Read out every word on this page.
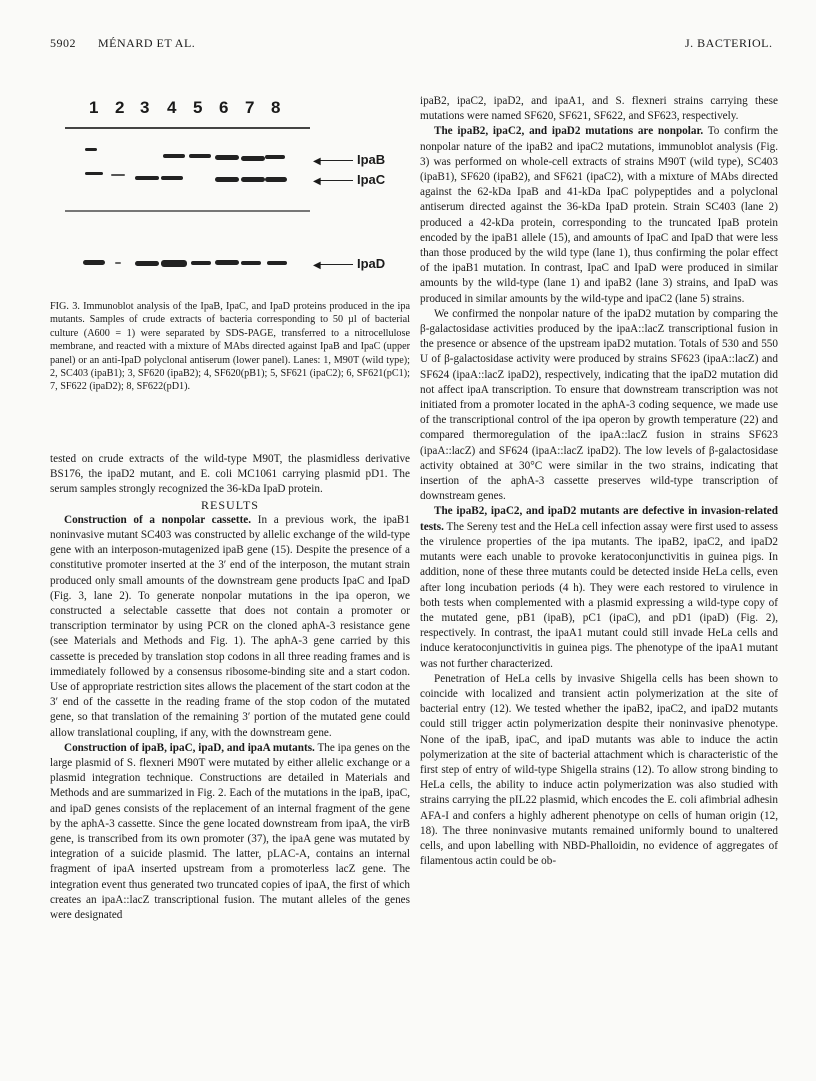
5902 MÉNARD ET AL.	J. BACTERIOL.
1 2 3 4 5 6 7 8
◀	IpaB
◀	IpaC
◀	IpaD

FIG. 3. Immunoblot analysis of the IpaB, IpaC, and IpaD proteins produced in the ipa mutants. Samples of crude extracts of bacteria corresponding to 50 µl of bacterial culture (A600 = 1) were separated by SDS-PAGE, transferred to a nitrocellulose membrane, and reacted with a mixture of MAbs directed against IpaB and IpaC (upper panel) or an anti-IpaD polyclonal antiserum (lower panel). Lanes: 1, M90T (wild type); 2, SC403 (ipaB1); 3, SF620 (ipaB2); 4, SF620(pB1); 5, SF621 (ipaC2); 6, SF621(pC1); 7, SF622 (ipaD2); 8, SF622(pD1).

tested on crude extracts of the wild-type M90T, the plasmidless derivative BS176, the ipaD2 mutant, and E. coli MC1061 carrying plasmid pD1. The serum samples strongly recognized the 36-kDa IpaD protein.

RESULTS

Construction of a nonpolar cassette. In a previous work, the ipaB1 noninvasive mutant SC403 was constructed by allelic exchange of the wild-type gene with an interposon-mutagenized ipaB gene (15). Despite the presence of a constitutive promoter inserted at the 3′ end of the interposon, the mutant strain produced only small amounts of the downstream gene products IpaC and IpaD (Fig. 3, lane 2). To generate nonpolar mutations in the ipa operon, we constructed a selectable cassette that does not contain a promoter or transcription terminator by using PCR on the cloned aphA-3 resistance gene (see Materials and Methods and Fig. 1). The aphA-3 gene carried by this cassette is preceded by translation stop codons in all three reading frames and is immediately followed by a consensus ribosome-binding site and a start codon. Use of appropriate restriction sites allows the placement of the start codon at the 3′ end of the cassette in the reading frame of the stop codon of the mutated gene, so that translation of the remaining 3′ portion of the mutated gene could allow translational coupling, if any, with the downstream gene.

Construction of ipaB, ipaC, ipaD, and ipaA mutants. The ipa genes on the large plasmid of S. flexneri M90T were mutated by either allelic exchange or a plasmid integration technique. Constructions are detailed in Materials and Methods and are summarized in Fig. 2. Each of the mutations in the ipaB, ipaC, and ipaD genes consists of the replacement of an internal fragment of the gene by the aphA-3 cassette. Since the gene located downstream from ipaA, the virB gene, is transcribed from its own promoter (37), the ipaA gene was mutated by integration of a suicide plasmid. The latter, pLAC-A, contains an internal fragment of ipaA inserted upstream from a promoterless lacZ gene. The integration event thus generated two truncated copies of ipaA, the first of which creates an ipaA::lacZ transcriptional fusion. The mutant alleles of the genes were designated

ipaB2, ipaC2, ipaD2, and ipaA1, and S. flexneri strains carrying these mutations were named SF620, SF621, SF622, and SF623, respectively.

The ipaB2, ipaC2, and ipaD2 mutations are nonpolar. To confirm the nonpolar nature of the ipaB2 and ipaC2 mutations, immunoblot analysis (Fig. 3) was performed on whole-cell extracts of strains M90T (wild type), SC403 (ipaB1), SF620 (ipaB2), and SF621 (ipaC2), with a mixture of MAbs directed against the 62-kDa IpaB and 41-kDa IpaC polypeptides and a polyclonal antiserum directed against the 36-kDa IpaD protein. Strain SC403 (lane 2) produced a 42-kDa protein, corresponding to the truncated IpaB protein encoded by the ipaB1 allele (15), and amounts of IpaC and IpaD that were less than those produced by the wild type (lane 1), thus confirming the polar effect of the ipaB1 mutation. In contrast, IpaC and IpaD were produced in similar amounts by the wild-type (lane 1) and ipaB2 (lane 3) strains, and IpaD was produced in similar amounts by the wild-type and ipaC2 (lane 5) strains.

We confirmed the nonpolar nature of the ipaD2 mutation by comparing the β-galactosidase activities produced by the ipaA::lacZ transcriptional fusion in the presence or absence of the upstream ipaD2 mutation. Totals of 530 and 550 U of β-galactosidase activity were produced by strains SF623 (ipaA::lacZ) and SF624 (ipaA::lacZ ipaD2), respectively, indicating that the ipaD2 mutation did not affect ipaA transcription. To ensure that downstream transcription was not initiated from a promoter located in the aphA-3 coding sequence, we made use of the transcriptional control of the ipa operon by growth temperature (22) and compared thermoregulation of the ipaA::lacZ fusion in strains SF623 (ipaA::lacZ) and SF624 (ipaA::lacZ ipaD2). The low levels of β-galactosidase activity obtained at 30°C were similar in the two strains, indicating that insertion of the aphA-3 cassette preserves wild-type transcription of downstream genes.

The ipaB2, ipaC2, and ipaD2 mutants are defective in invasion-related tests. The Sereny test and the HeLa cell infection assay were first used to assess the virulence properties of the ipa mutants. The ipaB2, ipaC2, and ipaD2 mutants were each unable to provoke keratoconjunctivitis in guinea pigs. In addition, none of these three mutants could be detected inside HeLa cells, even after long incubation periods (4 h). They were each restored to virulence in both tests when complemented with a plasmid expressing a wild-type copy of the mutated gene, pB1 (ipaB), pC1 (ipaC), and pD1 (ipaD) (Fig. 2), respectively. In contrast, the ipaA1 mutant could still invade HeLa cells and induce keratoconjunctivitis in guinea pigs. The phenotype of the ipaA1 mutant was not further characterized.

Penetration of HeLa cells by invasive Shigella cells has been shown to coincide with localized and transient actin polymerization at the site of bacterial entry (12). We tested whether the ipaB2, ipaC2, and ipaD2 mutants could still trigger actin polymerization despite their noninvasive phenotype. None of the ipaB, ipaC, and ipaD mutants was able to induce the actin polymerization at the site of bacterial attachment which is characteristic of the first step of entry of wild-type Shigella strains (12). To allow strong binding to HeLa cells, the ability to induce actin polymerization was also studied with strains carrying the pIL22 plasmid, which encodes the E. coli afimbrial adhesin AFA-I and confers a highly adherent phenotype on cells of human origin (12, 18). The three noninvasive mutants remained uniformly bound to unaltered cells, and upon labelling with NBD-Phalloidin, no evidence of aggregates of filamentous actin could be ob-
